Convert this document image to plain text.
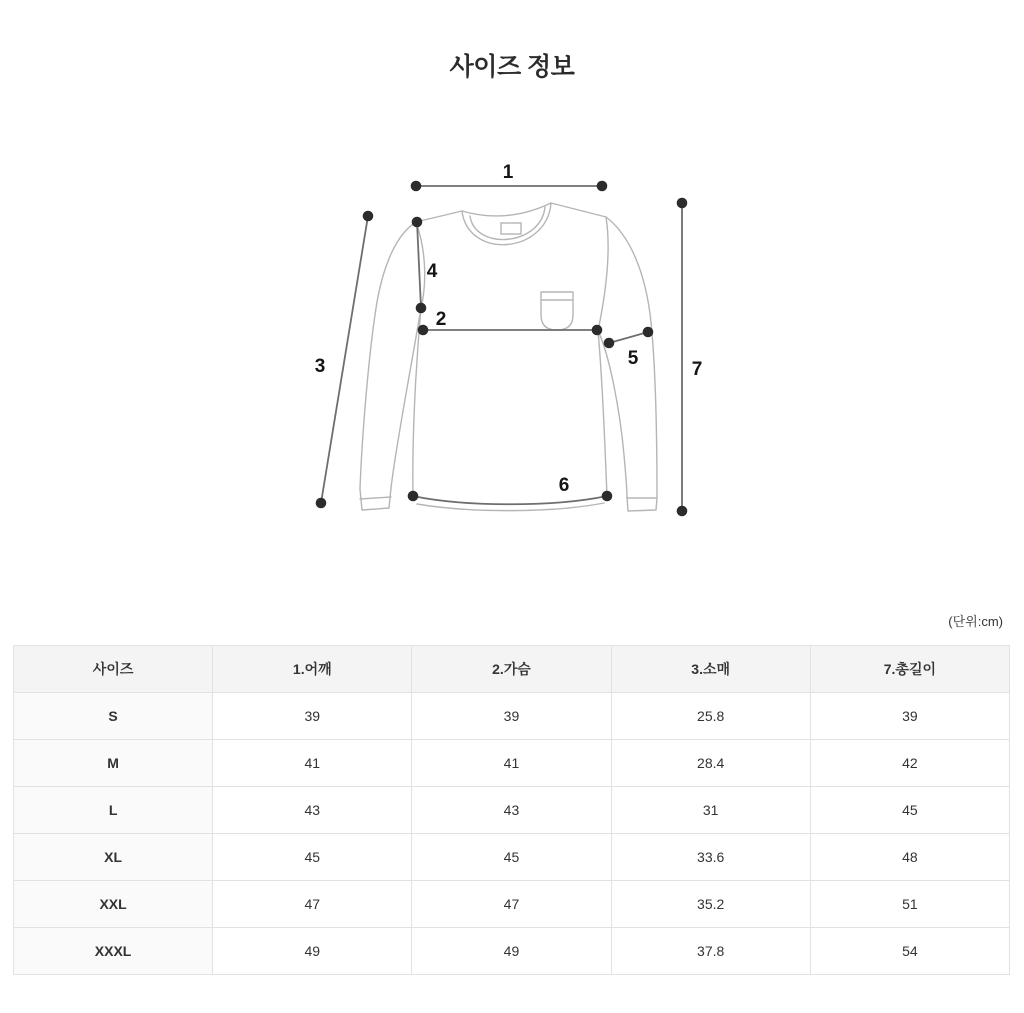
사이즈 정보
1
2
3
4
5
6
7
(단위:cm)
사이즈	1.어깨	2.가슴	3.소매	7.총길이
S	39	39	25.8	39
M	41	41	28.4	42
L	43	43	31	45
XL	45	45	33.6	48
XXL	47	47	35.2	51
XXXL	49	49	37.8	54
